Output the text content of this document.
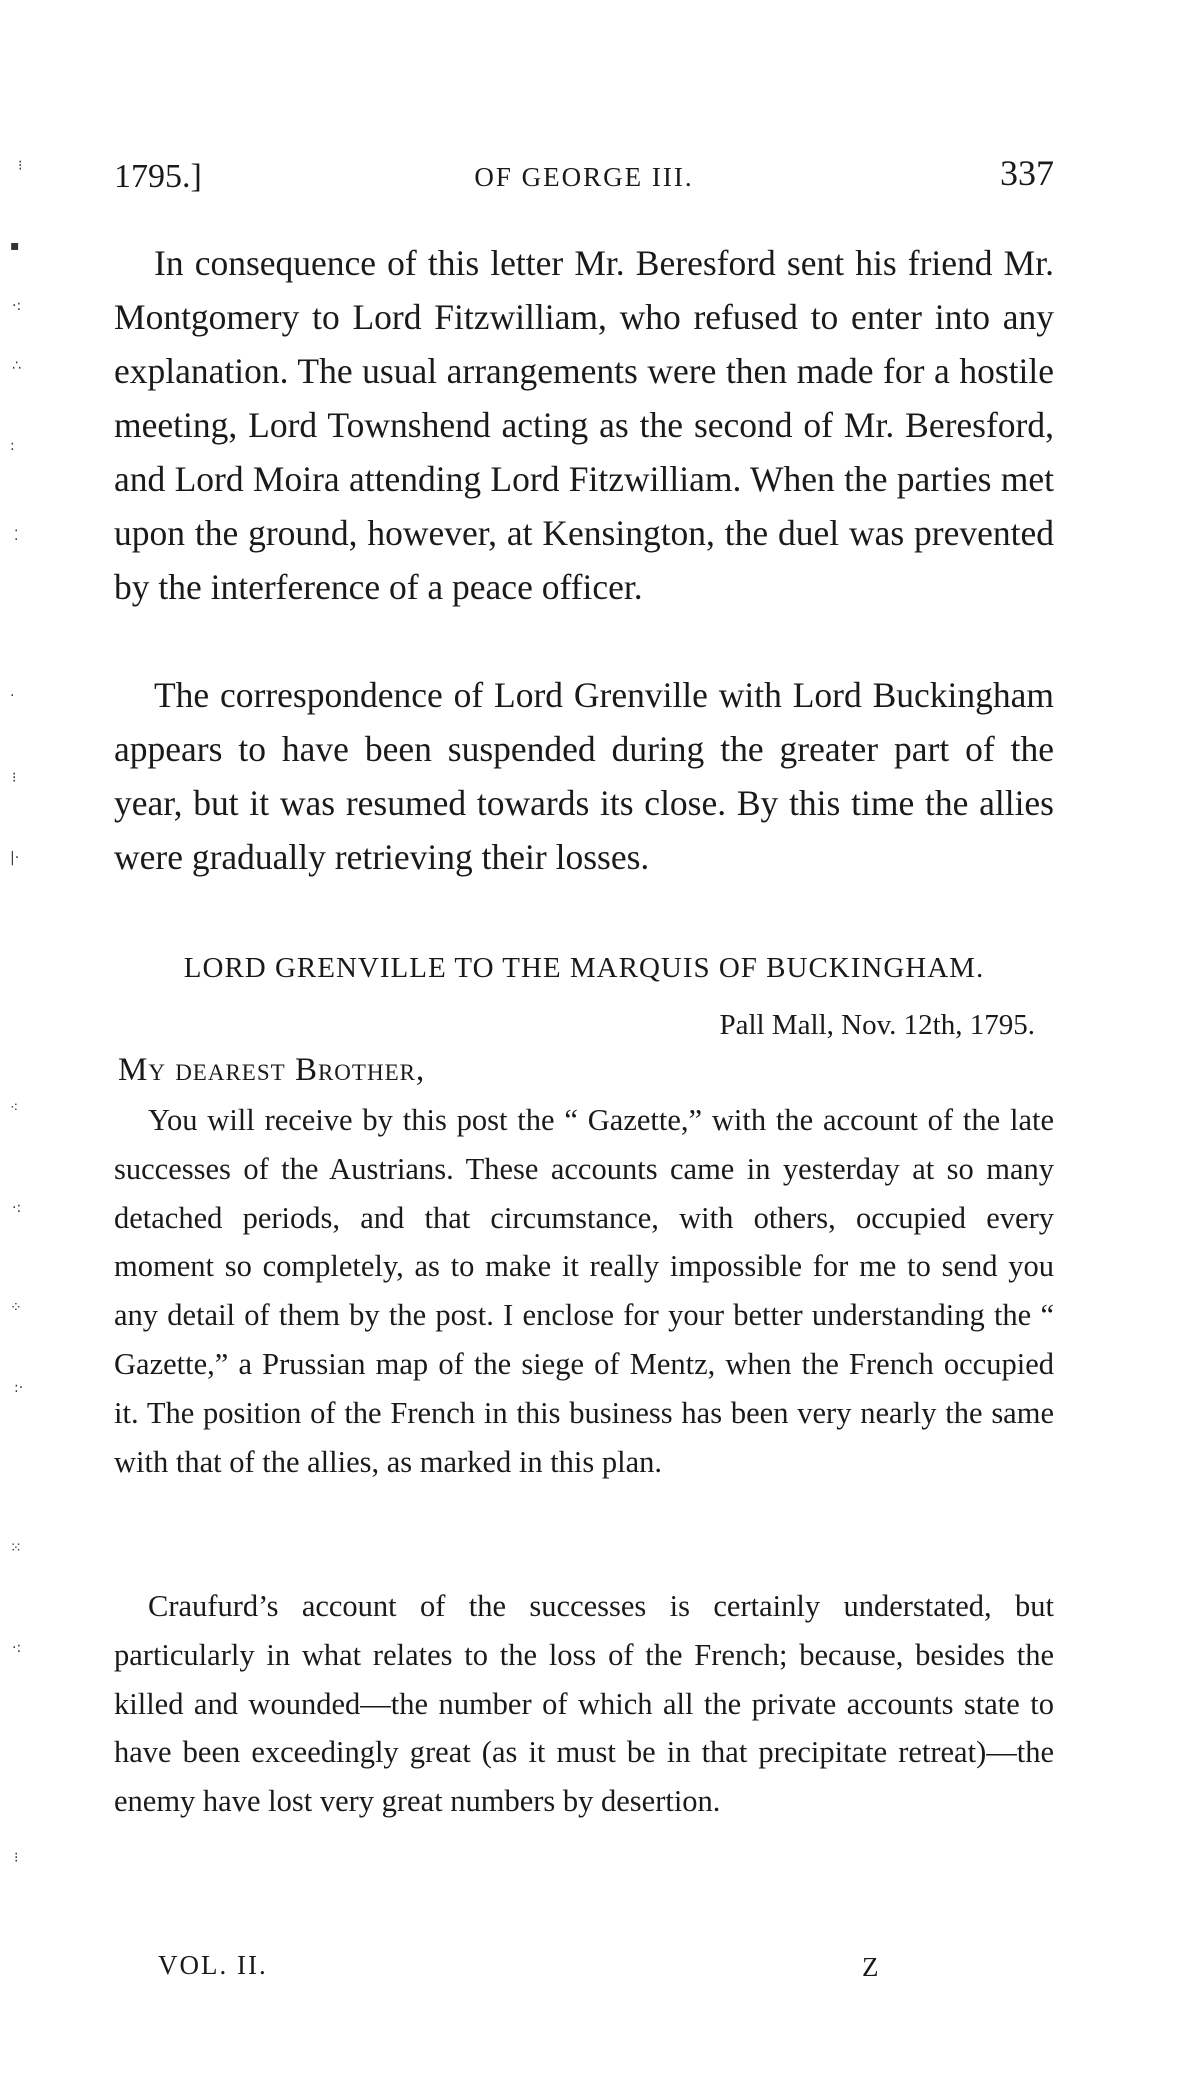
⁝
▪
·:
∴
:
⁚
·
⁝
|·
⁖
·:
⁘
:·
⁙
·:
⁝
1795.]	OF GEORGE III.	337

In consequence of this letter Mr. Beresford sent his friend Mr. Montgomery to Lord Fitzwilliam, who refused to enter into any explanation. The usual arrangements were then made for a hostile meeting, Lord Townshend acting as the second of Mr. Beresford, and Lord Moira attending Lord Fitzwilliam. When the parties met upon the ground, however, at Kensington, the duel was prevented by the interference of a peace officer.

The correspondence of Lord Grenville with Lord Buckingham appears to have been suspended during the greater part of the year, but it was resumed towards its close. By this time the allies were gradually retrieving their losses.

LORD GRENVILLE TO THE MARQUIS OF BUCKINGHAM.
Pall Mall, Nov. 12th, 1795.
My dearest Brother,

You will receive by this post the “ Gazette,” with the account of the late successes of the Austrians. These accounts came in yesterday at so many detached periods, and that circumstance, with others, occupied every moment so completely, as to make it really impossible for me to send you any detail of them by the post. I enclose for your better understanding the “ Gazette,” a Prussian map of the siege of Mentz, when the French occupied it. The position of the French in this business has been very nearly the same with that of the allies, as marked in this plan.

Craufurd’s account of the successes is certainly understated, but particularly in what relates to the loss of the French; because, besides the killed and wounded—the number of which all the private accounts state to have been exceedingly great (as it must be in that precipitate retreat)—the enemy have lost very great numbers by desertion.

VOL. II.	Z
